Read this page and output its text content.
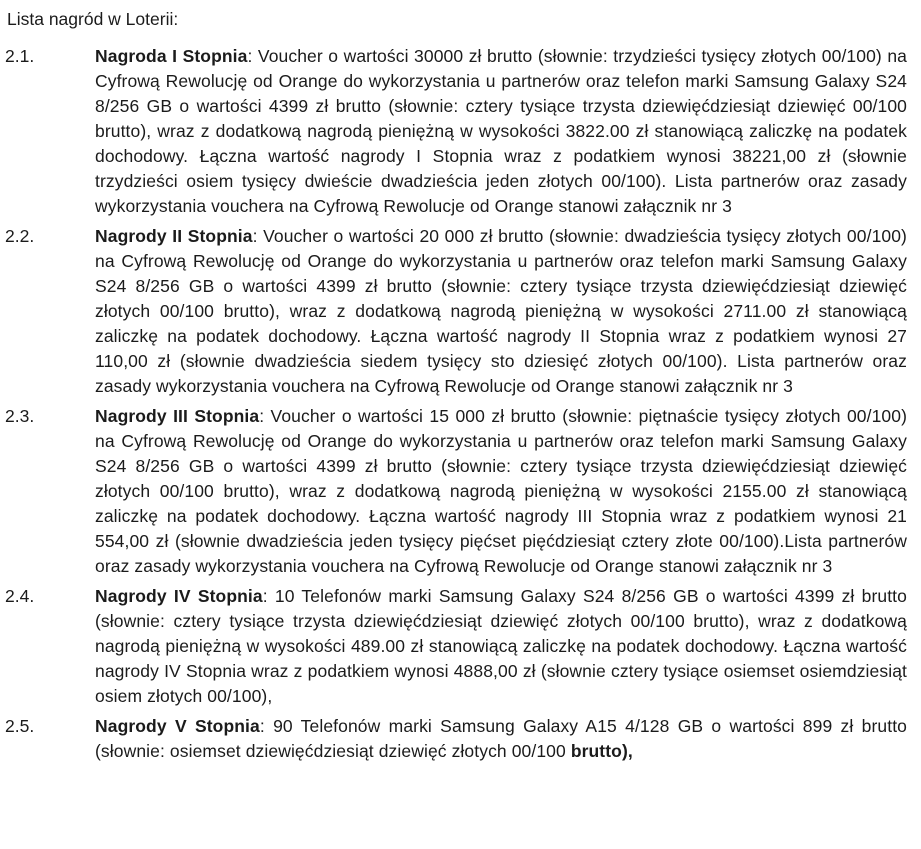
Lista nagród w Loterii:
2.1.	Nagroda I Stopnia: Voucher o wartości 30000 zł brutto (słownie: trzydzieści tysięcy złotych 00/100) na Cyfrową Rewolucję od Orange do wykorzystania u partnerów oraz telefon marki Samsung Galaxy S24 8/256 GB o wartości 4399 zł brutto (słownie: cztery tysiące trzysta dziewięćdziesiąt dziewięć 00/100 brutto), wraz z dodatkową nagrodą pieniężną w wysokości 3822.00 zł stanowiącą zaliczkę na podatek dochodowy. Łączna wartość nagrody I Stopnia wraz z podatkiem wynosi 38221,00 zł (słownie trzydzieści osiem tysięcy dwieście dwadzieścia jeden złotych 00/100). Lista partnerów oraz zasady wykorzystania vouchera na Cyfrową Rewolucje od Orange stanowi załącznik nr 3

2.2.	Nagrody II Stopnia: Voucher o wartości 20 000 zł brutto (słownie: dwadzieścia tysięcy złotych 00/100) na Cyfrową Rewolucję od Orange do wykorzystania u partnerów oraz telefon marki Samsung Galaxy S24 8/256 GB o wartości 4399 zł brutto (słownie: cztery tysiące trzysta dziewięćdziesiąt dziewięć złotych 00/100 brutto), wraz z dodatkową nagrodą pieniężną w wysokości 2711.00 zł stanowiącą zaliczkę na podatek dochodowy. Łączna wartość nagrody II Stopnia wraz z podatkiem wynosi 27 110,00 zł (słownie dwadzieścia siedem tysięcy sto dziesięć złotych 00/100). Lista partnerów oraz zasady wykorzystania vouchera na Cyfrową Rewolucje od Orange stanowi załącznik nr 3

2.3.	Nagrody III Stopnia: Voucher o wartości 15 000 zł brutto (słownie: piętnaście tysięcy złotych 00/100) na Cyfrową Rewolucję od Orange do wykorzystania u partnerów oraz telefon marki Samsung Galaxy S24 8/256 GB o wartości 4399 zł brutto (słownie: cztery tysiące trzysta dziewięćdziesiąt dziewięć złotych 00/100 brutto), wraz z dodatkową nagrodą pieniężną w wysokości 2155.00 zł stanowiącą zaliczkę na podatek dochodowy. Łączna wartość nagrody III Stopnia wraz z podatkiem wynosi 21 554,00 zł (słownie dwadzieścia jeden tysięcy pięćset pięćdziesiąt cztery złote 00/100).Lista partnerów oraz zasady wykorzystania vouchera na Cyfrową Rewolucje od Orange stanowi załącznik nr 3

2.4.	Nagrody IV Stopnia: 10 Telefonów marki Samsung Galaxy S24 8/256 GB o wartości 4399 zł brutto (słownie: cztery tysiące trzysta dziewięćdziesiąt dziewięć złotych 00/100 brutto), wraz z dodatkową nagrodą pieniężną w wysokości 489.00 zł stanowiącą zaliczkę na podatek dochodowy. Łączna wartość nagrody IV Stopnia wraz z podatkiem wynosi 4888,00 zł (słownie cztery tysiące osiemset osiemdziesiąt osiem złotych 00/100),

2.5.	Nagrody V Stopnia: 90 Telefonów marki Samsung Galaxy A15 4/128 GB o wartości 899 zł brutto (słownie: osiemset dziewięćdziesiąt dziewięć złotych 00/100 brutto),
